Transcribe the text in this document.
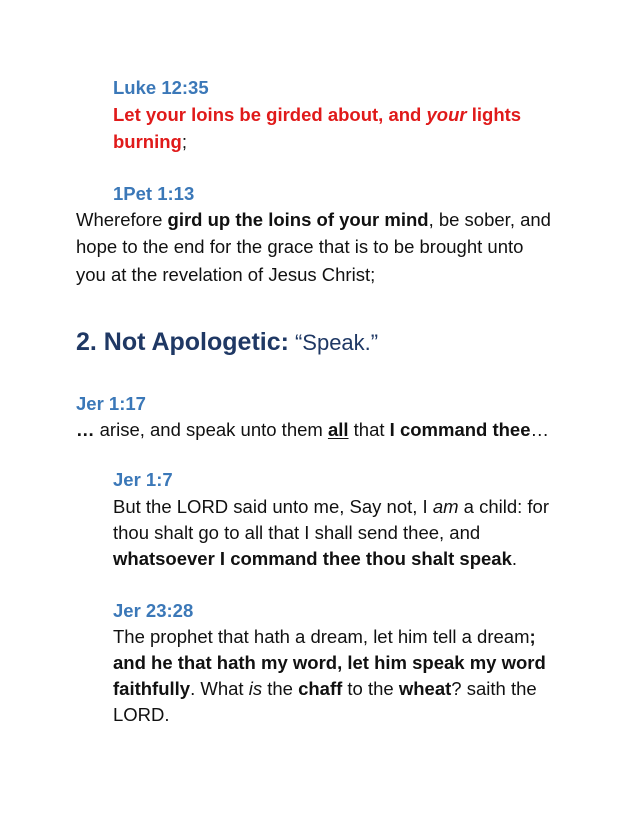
Luke 12:35
Let your loins be girded about, and your lights
burning;
1Pet 1:13
Wherefore gird up the loins of your mind, be sober, and
hope to the end for the grace that is to be brought unto
you at the revelation of Jesus Christ;
2. Not Apologetic: “Speak.”
Jer 1:17
… arise, and speak unto them all that I command thee…
Jer 1:7
But the LORD said unto me, Say not, I am a child: for
thou shalt go to all that I shall send thee, and
whatsoever I command thee thou shalt speak.
Jer 23:28
The prophet that hath a dream, let him tell a dream;
and he that hath my word, let him speak my word
faithfully. What is the chaff to the wheat? saith the
LORD.
